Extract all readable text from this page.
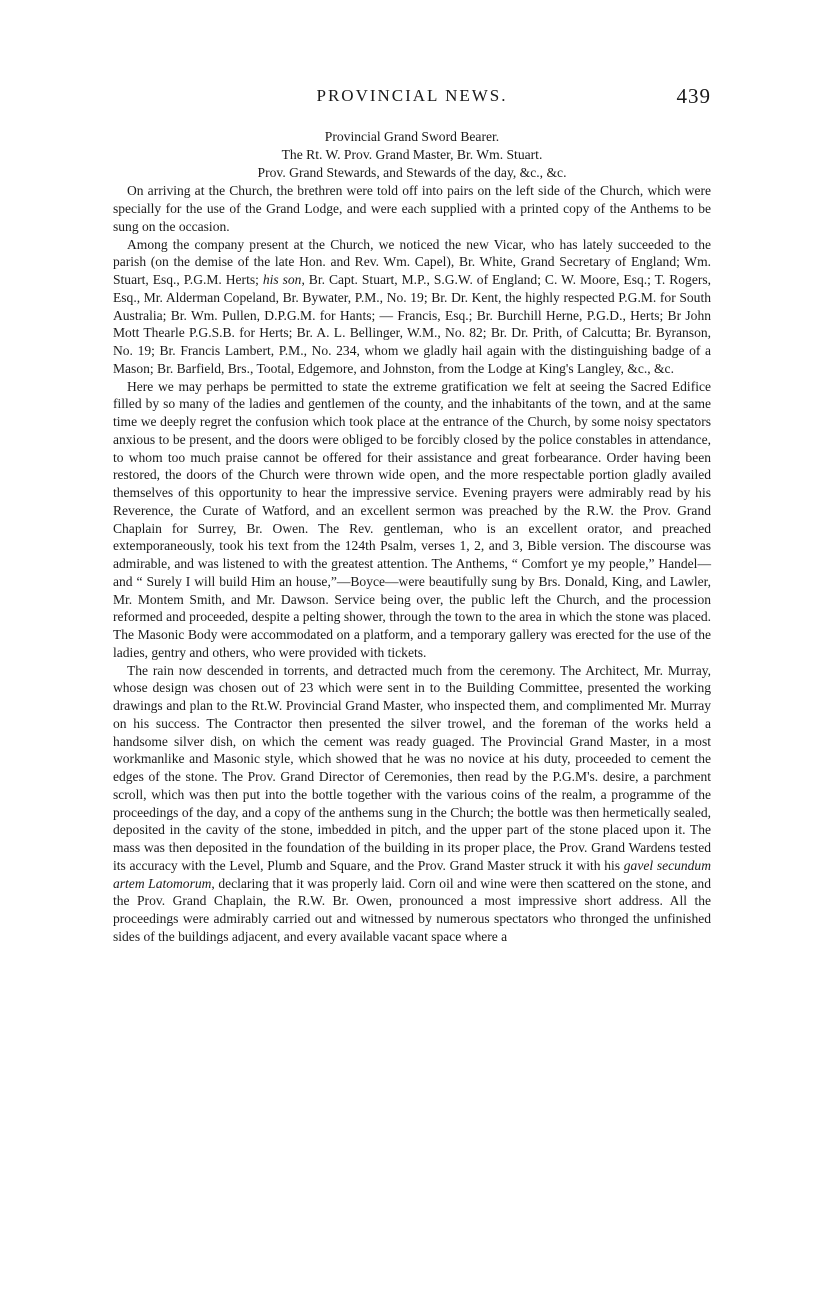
PROVINCIAL NEWS.	439
Provincial Grand Sword Bearer.
The Rt. W. Prov. Grand Master, Br. Wm. Stuart.
Prov. Grand Stewards, and Stewards of the day, &c., &c.

On arriving at the Church, the brethren were told off into pairs on the left side of the Church, which were specially for the use of the Grand Lodge, and were each supplied with a printed copy of the Anthems to be sung on the occasion.

Among the company present at the Church, we noticed the new Vicar, who has lately succeeded to the parish (on the demise of the late Hon. and Rev. Wm. Capel), Br. White, Grand Secretary of England; Wm. Stuart, Esq., P.G.M. Herts; his son, Br. Capt. Stuart, M.P., S.G.W. of England; C. W. Moore, Esq.; T. Rogers, Esq., Mr. Alderman Copeland, Br. Bywater, P.M., No. 19; Br. Dr. Kent, the highly respected P.G.M. for South Australia; Br. Wm. Pullen, D.P.G.M. for Hants; — Francis, Esq.; Br. Burchill Herne, P.G.D., Herts; Br John Mott Thearle P.G.S.B. for Herts; Br. A. L. Bellinger, W.M., No. 82; Br. Dr. Prith, of Calcutta; Br. Byranson, No. 19; Br. Francis Lambert, P.M., No. 234, whom we gladly hail again with the distinguishing badge of a Mason; Br. Barfield, Brs., Tootal, Edgemore, and Johnston, from the Lodge at King's Langley, &c., &c.

Here we may perhaps be permitted to state the extreme gratification we felt at seeing the Sacred Edifice filled by so many of the ladies and gentlemen of the county, and the inhabitants of the town, and at the same time we deeply regret the confusion which took place at the entrance of the Church, by some noisy spectators anxious to be present, and the doors were obliged to be forcibly closed by the police constables in attendance, to whom too much praise cannot be offered for their assistance and great forbearance. Order having been restored, the doors of the Church were thrown wide open, and the more respectable portion gladly availed themselves of this opportunity to hear the impressive service. Evening prayers were admirably read by his Reverence, the Curate of Watford, and an excellent sermon was preached by the R.W. the Prov. Grand Chaplain for Surrey, Br. Owen. The Rev. gentleman, who is an excellent orator, and preached extemporaneously, took his text from the 124th Psalm, verses 1, 2, and 3, Bible version. The discourse was admirable, and was listened to with the greatest attention. The Anthems, “ Comfort ye my people,” Handel—and “ Surely I will build Him an house,”—Boyce—were beautifully sung by Brs. Donald, King, and Lawler, Mr. Montem Smith, and Mr. Dawson. Service being over, the public left the Church, and the procession reformed and proceeded, despite a pelting shower, through the town to the area in which the stone was placed. The Masonic Body were accommodated on a platform, and a temporary gallery was erected for the use of the ladies, gentry and others, who were provided with tickets.

The rain now descended in torrents, and detracted much from the ceremony. The Architect, Mr. Murray, whose design was chosen out of 23 which were sent in to the Building Committee, presented the working drawings and plan to the Rt.W. Provincial Grand Master, who inspected them, and complimented Mr. Murray on his success. The Contractor then presented the silver trowel, and the foreman of the works held a handsome silver dish, on which the cement was ready guaged. The Provincial Grand Master, in a most workmanlike and Masonic style, which showed that he was no novice at his duty, proceeded to cement the edges of the stone. The Prov. Grand Director of Ceremonies, then read by the P.G.M's. desire, a parchment scroll, which was then put into the bottle together with the various coins of the realm, a programme of the proceedings of the day, and a copy of the anthems sung in the Church; the bottle was then hermetically sealed, deposited in the cavity of the stone, imbedded in pitch, and the upper part of the stone placed upon it. The mass was then deposited in the foundation of the building in its proper place, the Prov. Grand Wardens tested its accuracy with the Level, Plumb and Square, and the Prov. Grand Master struck it with his gavel secundum artem Latomorum, declaring that it was properly laid. Corn oil and wine were then scattered on the stone, and the Prov. Grand Chaplain, the R.W. Br. Owen, pronounced a most impressive short address. All the proceedings were admirably carried out and witnessed by numerous spectators who thronged the unfinished sides of the buildings adjacent, and every available vacant space where a
